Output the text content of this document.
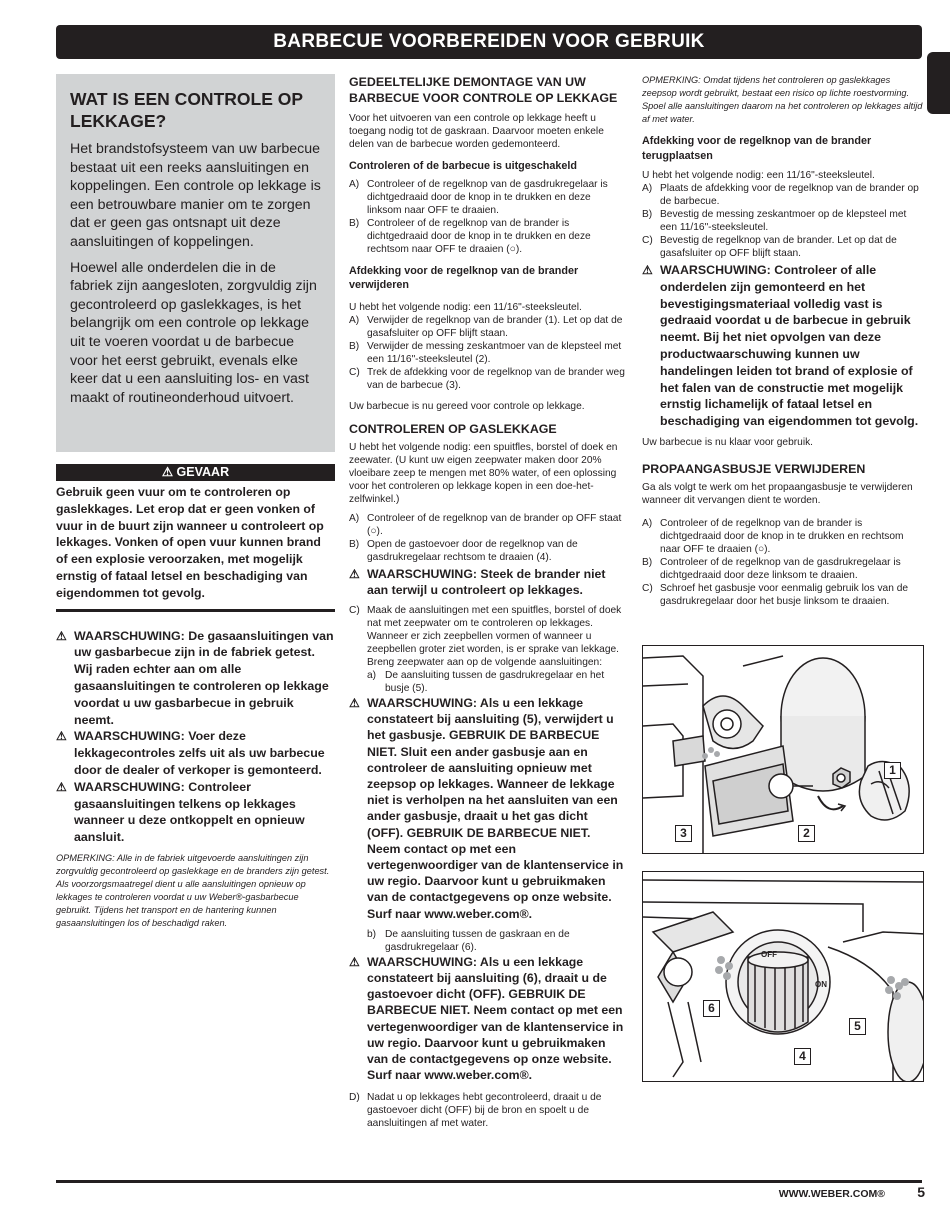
BARBECUE VOORBEREIDEN VOOR GEBRUIK
WAT IS EEN CONTROLE OP LEKKAGE?

Het brandstofsysteem van uw barbecue bestaat uit een reeks aansluitingen en koppelingen. Een controle op lekkage is een betrouwbare manier om te zorgen dat er geen gas ontsnapt uit deze aansluitingen of koppelingen.

Hoewel alle onderdelen die in de fabriek zijn aangesloten, zorgvuldig zijn gecontroleerd op gaslekkages, is het belangrijk om een controle op lekkage uit te voeren voordat u de barbecue voor het eerst gebruikt, evenals elke keer dat u een aansluiting los- en vast maakt of routineonderhoud uitvoert.

⚠ GEVAAR
Gebruik geen vuur om te controleren op gaslekkages. Let erop dat er geen vonken of vuur in de buurt zijn wanneer u controleert op lekkages. Vonken of open vuur kunnen brand of een explosie veroorzaken, met mogelijk ernstig of fataal letsel en beschadiging van eigendommen tot gevolg.
⚠ WAARSCHUWING: De gasaansluitingen van uw gasbarbecue zijn in de fabriek getest. Wij raden echter aan om alle gasaansluitingen te controleren op lekkage voordat u uw gasbarbecue in gebruik neemt.
⚠ WAARSCHUWING: Voer deze lekkagecontroles zelfs uit als uw barbecue door de dealer of verkoper is gemonteerd.
⚠ WAARSCHUWING: Controleer gasaansluitingen telkens op lekkages wanneer u deze ontkoppelt en opnieuw aansluit.
OPMERKING: Alle in de fabriek uitgevoerde aansluitingen zijn zorgvuldig gecontroleerd op gaslekkage en de branders zijn getest. Als voorzorgsmaatregel dient u alle aansluitingen opnieuw op lekkages te controleren voordat u uw Weber®-gasbarbecue gebruikt. Tijdens het transport en de hantering kunnen gasaansluitingen los of beschadigd raken.
GEDEELTELIJKE DEMONTAGE VAN UW BARBECUE VOOR CONTROLE OP LEKKAGE
Voor het uitvoeren van een controle op lekkage heeft u toegang nodig tot de gaskraan. Daarvoor moeten enkele delen van de barbecue worden gedemonteerd.
Controleren of de barbecue is uitgeschakeld
A) Controleer of de regelknop van de gasdrukregelaar is dichtgedraaid door de knop in te drukken en deze linksom naar OFF te draaien.
B) Controleer of de regelknop van de brander is dichtgedraaid door de knop in te drukken en deze rechtsom naar OFF te draaien (○).
Afdekking voor de regelknop van de brander verwijderen
U hebt het volgende nodig: een 11/16"-steeksleutel.
A) Verwijder de regelknop van de brander (1). Let op dat de gasafsluiter op OFF blijft staan.
B) Verwijder de messing zeskantmoer van de klepsteel met een 11/16"-steeksleutel (2).
C) Trek de afdekking voor de regelknop van de brander weg van de barbecue (3).
Uw barbecue is nu gereed voor controle op lekkage.
CONTROLEREN OP GASLEKKAGE
U hebt het volgende nodig: een spuitfles, borstel of doek en zeewater. (U kunt uw eigen zeepwater maken door 20% vloeibare zeep te mengen met 80% water, of een oplossing voor het controleren op lekkage kopen in een doe-het-zelfwinkel.)
A) Controleer of de regelknop van de brander op OFF staat (○).
B) Open de gastoevoer door de regelknop van de gasdrukregelaar rechtsom te draaien (4).
⚠ WAARSCHUWING: Steek de brander niet aan terwijl u controleert op lekkages.
C) Maak de aansluitingen met een spuitfles, borstel of doek nat met zeepwater om te controleren op lekkages. Wanneer er zich zeepbellen vormen of wanneer u zeepbellen groter ziet worden, is er sprake van lekkage. Breng zeepwater aan op de volgende aansluitingen:
a) De aansluiting tussen de gasdrukregelaar en het busje (5).
⚠ WAARSCHUWING: Als u een lekkage constateert bij aansluiting (5), verwijdert u het gasbusje. GEBRUIK DE BARBECUE NIET. Sluit een ander gasbusje aan en controleer de aansluiting opnieuw met zeepsop op lekkages. Wanneer de lekkage niet is verholpen na het aansluiten van een ander gasbusje, draait u het gas dicht (OFF). GEBRUIK DE BARBECUE NIET. Neem contact op met een vertegenwoordiger van de klantenservice in uw regio. Daarvoor kunt u gebruikmaken van de contactgegevens op onze website. Surf naar www.weber.com®.
b) De aansluiting tussen de gaskraan en de gasdrukregelaar (6).
⚠ WAARSCHUWING: Als u een lekkage constateert bij aansluiting (6), draait u de gastoevoer dicht (OFF). GEBRUIK DE BARBECUE NIET. Neem contact op met een vertegenwoordiger van de klantenservice in uw regio. Daarvoor kunt u gebruikmaken van de contactgegevens op onze website. Surf naar www.weber.com®.
D) Nadat u op lekkages hebt gecontroleerd, draait u de gastoevoer dicht (OFF) bij de bron en spoelt u de aansluitingen af met water.
OPMERKING: Omdat tijdens het controleren op gaslekkages zeepsop wordt gebruikt, bestaat een risico op lichte roestvorming. Spoel alle aansluitingen daarom na het controleren op lekkages altijd af met water.
Afdekking voor de regelknop van de brander terugplaatsen
U hebt het volgende nodig: een 11/16"-steeksleutel.
A) Plaats de afdekking voor de regelknop van de brander op de barbecue.
B) Bevestig de messing zeskantmoer op de klepsteel met een 11/16"-steeksleutel.
C) Bevestig de regelknop van de brander. Let op dat de gasafsluiter op OFF blijft staan.
⚠ WAARSCHUWING: Controleer of alle onderdelen zijn gemonteerd en het bevestigingsmateriaal volledig vast is gedraaid voordat u de barbecue in gebruik neemt. Bij het niet opvolgen van deze productwaarschuwing kunnen uw handelingen leiden tot brand of explosie of het falen van de constructie met mogelijk ernstig lichamelijk of fataal letsel en beschadiging van eigendommen tot gevolg.
Uw barbecue is nu klaar voor gebruik.
PROPAANGASBUSJE VERWIJDEREN
Ga als volgt te werk om het propaangasbusje te verwijderen wanneer dit vervangen dient te worden.
A) Controleer of de regelknop van de brander is dichtgedraaid door de knop in te drukken en rechtsom naar OFF te draaien (○).
B) Controleer of de regelknop van de gasdrukregelaar is dichtgedraaid door deze linksom te draaien.
C) Schroef het gasbusje voor eenmalig gebruik los van de gasdrukregelaar door het busje linksom te draaien.
1
2
3
OFF
ON
4
5
6
WWW.WEBER.COM®	5
